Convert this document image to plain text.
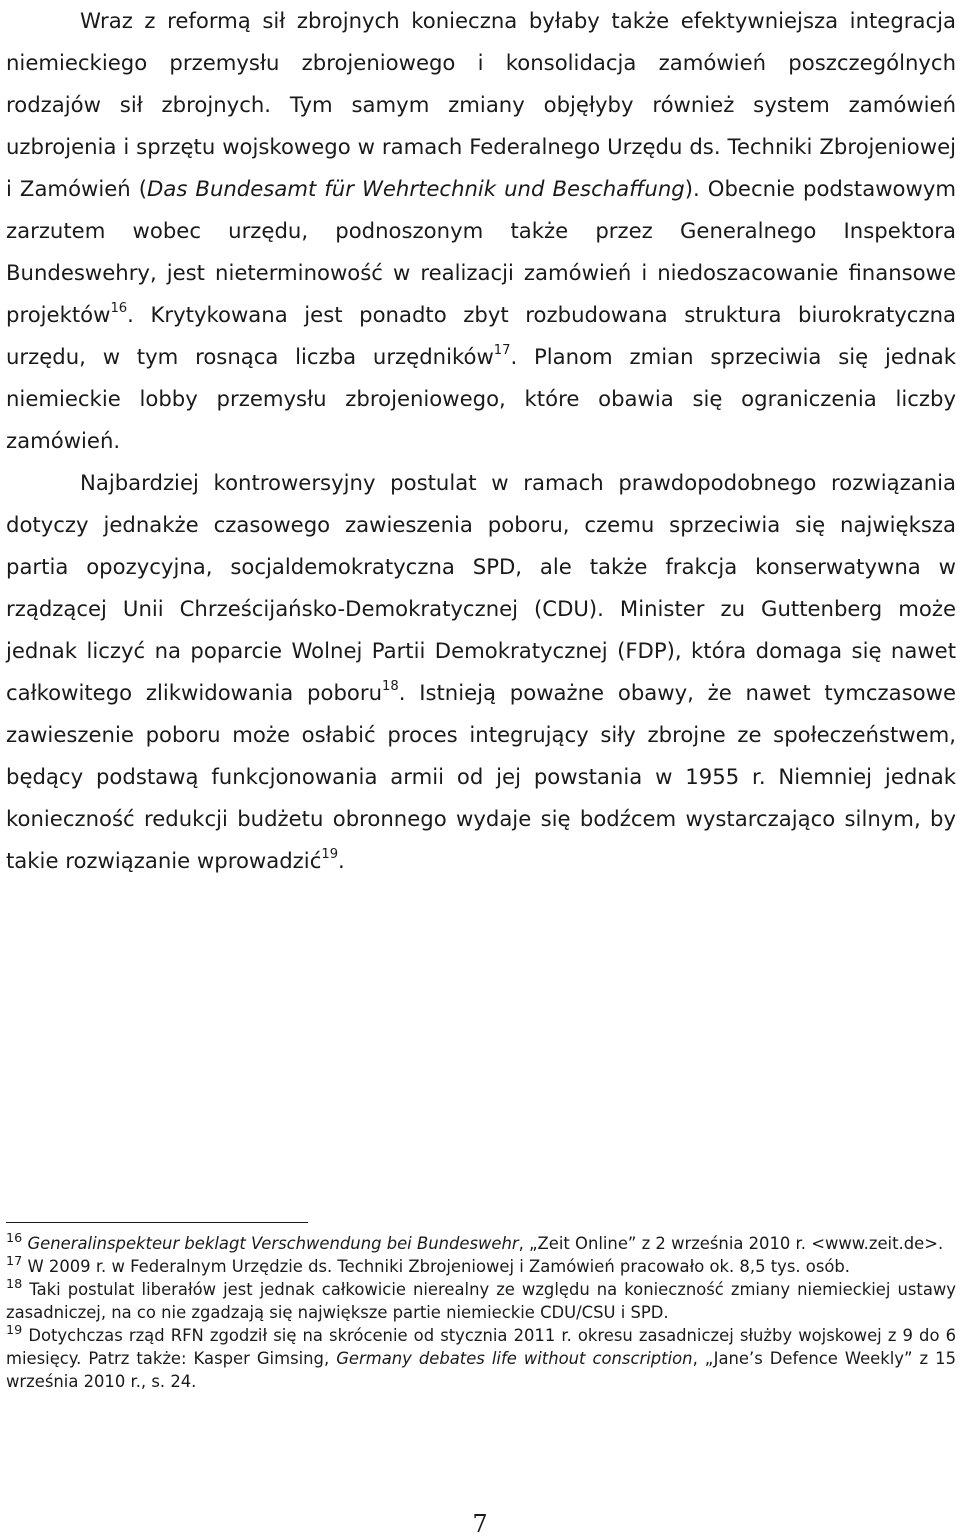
Wraz z reformą sił zbrojnych konieczna byłaby także efektywniejsza integracja niemieckiego przemysłu zbrojeniowego i konsolidacja zamówień poszczególnych rodzajów sił zbrojnych. Tym samym zmiany objęłyby również system zamówień uzbrojenia i sprzętu wojskowego w ramach Federalnego Urzędu ds. Techniki Zbrojeniowej i Zamówień (Das Bundesamt für Wehrtechnik und Beschaffung). Obecnie podstawowym zarzutem wobec urzędu, podnoszonym także przez Generalnego Inspektora Bundeswehry, jest nieterminowość w realizacji zamówień i niedoszacowanie finansowe projektów$^{16}$. Krytykowana jest ponadto zbyt rozbudowana struktura biurokratyczna urzędu, w tym rosnąca liczba urzędników$^{17}$. Planom zmian sprzeciwia się jednak niemieckie lobby przemysłu zbrojeniowego, które obawia się ograniczenia liczby zamówień.

Najbardziej kontrowersyjny postulat w ramach prawdopodobnego rozwiązania dotyczy jednakże czasowego zawieszenia poboru, czemu sprzeciwia się największa partia opozycyjna, socjaldemokratyczna SPD, ale także frakcja konserwatywna w rządzącej Unii Chrześcijańsko-Demokratycznej (CDU). Minister zu Guttenberg może jednak liczyć na poparcie Wolnej Partii Demokratycznej (FDP), która domaga się nawet całkowitego zlikwidowania poboru$^{18}$. Istnieją poważne obawy, że nawet tymczasowe zawieszenie poboru może osłabić proces integrujący siły zbrojne ze społeczeństwem, będący podstawą funkcjonowania armii od jej powstania w 1955 r. Niemniej jednak konieczność redukcji budżetu obronnego wydaje się bodźcem wystarczająco silnym, by takie rozwiązanie wprowadzić$^{19}$.

$^{16}$ Generalinspekteur beklagt Verschwendung bei Bundeswehr, „Zeit Online” z 2 września 2010 r. <www.zeit.de>.

$^{17}$ W 2009 r. w Federalnym Urzędzie ds. Techniki Zbrojeniowej i Zamówień pracowało ok. 8,5 tys. osób.

$^{18}$ Taki postulat liberałów jest jednak całkowicie nierealny ze względu na konieczność zmiany niemieckiej ustawy zasadniczej, na co nie zgadzają się największe partie niemieckie CDU/CSU i SPD.

$^{19}$ Dotychczas rząd RFN zgodził się na skrócenie od stycznia 2011 r. okresu zasadniczej służby wojskowej z 9 do 6 miesięcy. Patrz także: Kasper Gimsing, Germany debates life without conscription, „Jane’s Defence Weekly” z 15 września 2010 r., s. 24.

7
